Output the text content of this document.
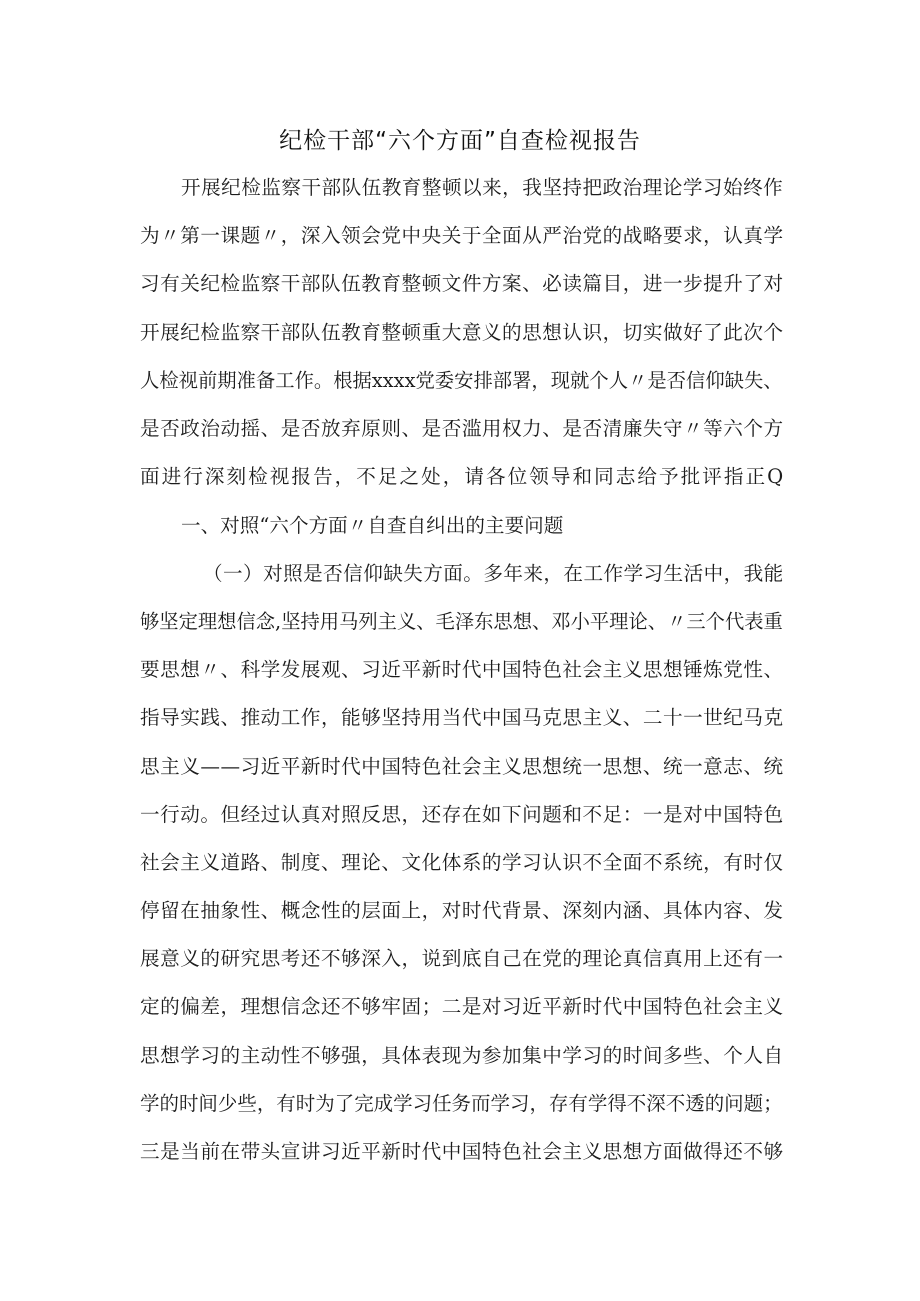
纪检干部“六个方面”自查检视报告
开展纪检监察干部队伍教育整顿以来，我坚持把政治理论学习始终作
为〃第一课题〃，深入领会党中央关于全面从严治党的战略要求，认真学
习有关纪检监察干部队伍教育整顿文件方案、必读篇目，进一步提升了对
开展纪检监察干部队伍教育整顿重大意义的思想认识，切实做好了此次个
人检视前期准备工作。根据xxxx党委安排部署，现就个人〃是否信仰缺失、
是否政治动摇、是否放弃原则、是否滥用权力、是否清廉失守〃等六个方
面进行深刻检视报告，不足之处，请各位领导和同志给予批评指正Q
一、对照“六个方面〃自查自纠出的主要问题
（一）对照是否信仰缺失方面。多年来，在工作学习生活中，我能
够坚定理想信念,坚持用马列主义、毛泽东思想、邓小平理论、〃三个代表重
要思想〃、科学发展观、习近平新时代中国特色社会主义思想锤炼党性、
指导实践、推动工作，能够坚持用当代中国马克思主义、二十一世纪马克
思主义——习近平新时代中国特色社会主义思想统一思想、统一意志、统
一行动。但经过认真对照反思，还存在如下问题和不足：一是对中国特色
社会主义道路、制度、理论、文化体系的学习认识不全面不系统，有时仅
停留在抽象性、概念性的层面上，对时代背景、深刻内涵、具体内容、发
展意义的研究思考还不够深入，说到底自己在党的理论真信真用上还有一
定的偏差，理想信念还不够牢固；二是对习近平新时代中国特色社会主义
思想学习的主动性不够强，具体表现为参加集中学习的时间多些、个人自
学的时间少些，有时为了完成学习任务而学习，存有学得不深不透的问题；
三是当前在带头宣讲习近平新时代中国特色社会主义思想方面做得还不够
